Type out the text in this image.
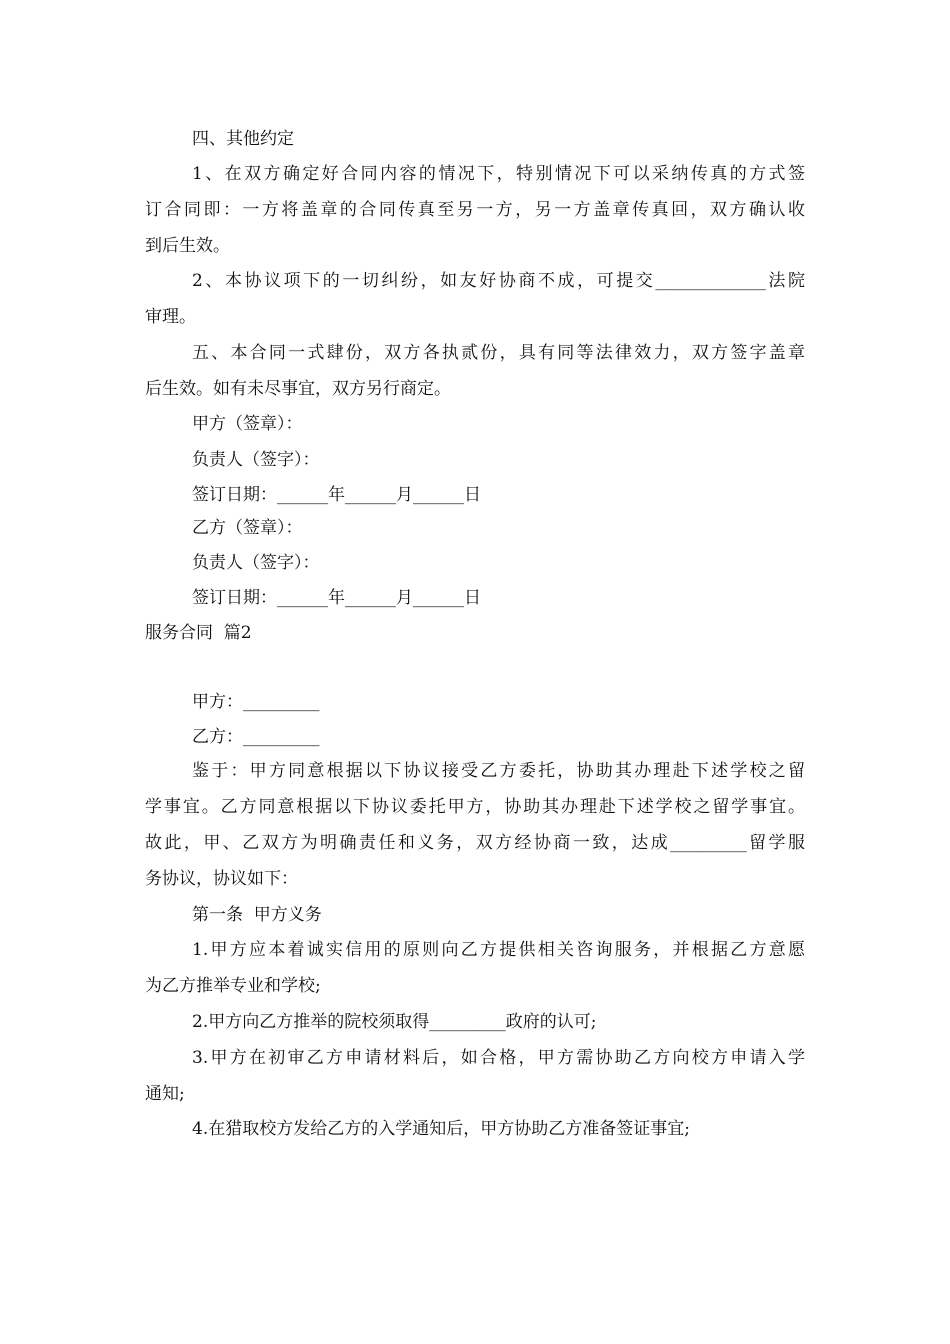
四、其他约定
1、在双方确定好合同内容的情况下，特别情况下可以采纳传真的方式签
订合同即：一方将盖章的合同传真至另一方，另一方盖章传真回，双方确认收
到后生效。
2、本协议项下的一切纠纷，如友好协商不成，可提交_____________法院
审理。
五、本合同一式肆份，双方各执贰份，具有同等法律效力，双方签字盖章
后生效。如有未尽事宜，双方另行商定。
甲方（签章）：
负责人（签字）：
签订日期：______年______月______日
乙方（签章）：
负责人（签字）：
签订日期：______年______月______日
服务合同  篇2
甲方：_________
乙方：_________
鉴于：甲方同意根据以下协议接受乙方委托，协助其办理赴下述学校之留
学事宜。乙方同意根据以下协议委托甲方，协助其办理赴下述学校之留学事宜。
故此，甲、乙双方为明确责任和义务，双方经协商一致，达成_________留学服
务协议，协议如下：
第一条  甲方义务
1.甲方应本着诚实信用的原则向乙方提供相关咨询服务，并根据乙方意愿
为乙方推举专业和学校;
2.甲方向乙方推举的院校须取得_________政府的认可;
3.甲方在初审乙方申请材料后，如合格，甲方需协助乙方向校方申请入学
通知;
4.在猎取校方发给乙方的入学通知后，甲方协助乙方准备签证事宜;
